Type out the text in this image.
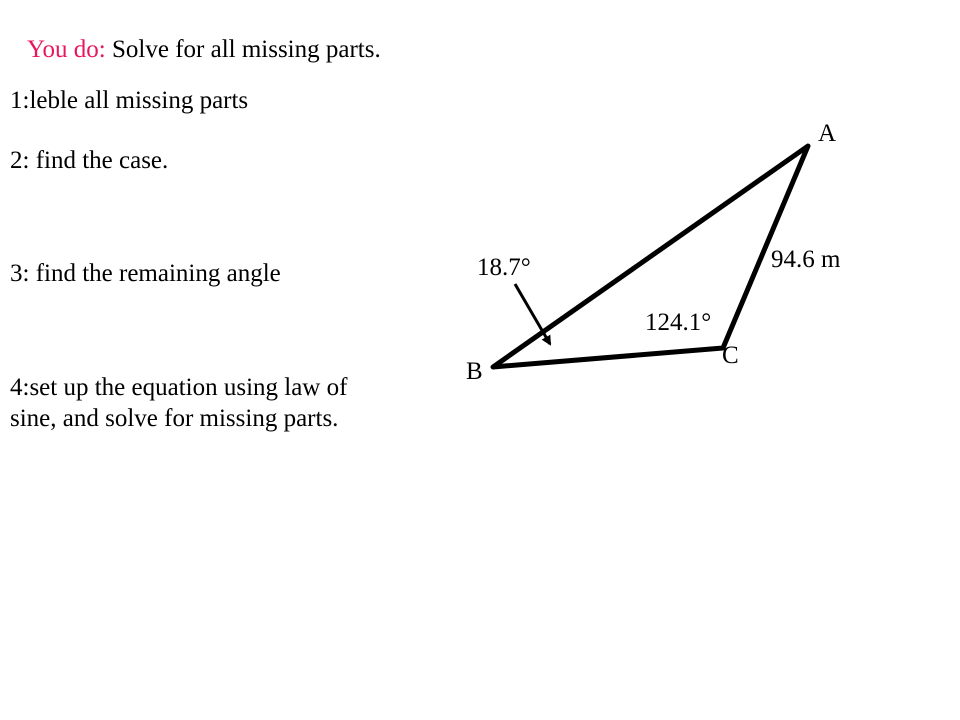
You do: Solve for all missing parts.
1:leble all missing parts
2: find the case.
3: find the remaining angle
4:set up the equation using law of
sine, and solve for missing parts.
A
B
C
94.6 m
18.7°
124.1°
